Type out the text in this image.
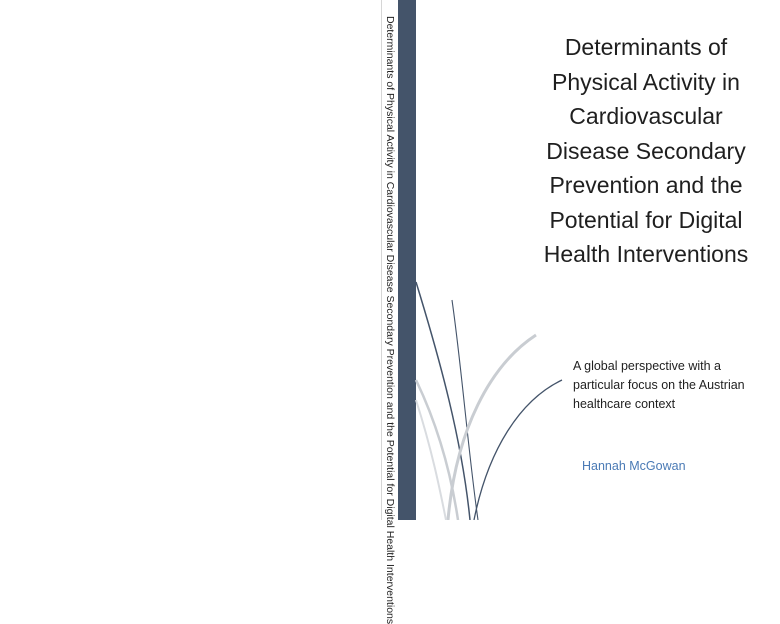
Determinants of Physical Activity in Cardiovascular Disease Secondary Prevention and the Potential for Digital Health Interventions	Determinants of Physical Activity in Cardiovascular Disease Secondary Prevention and the Potential for Digital Health Interventions

A global perspective with a particular focus on the Austrian healthcare context

Hannah McGowan
